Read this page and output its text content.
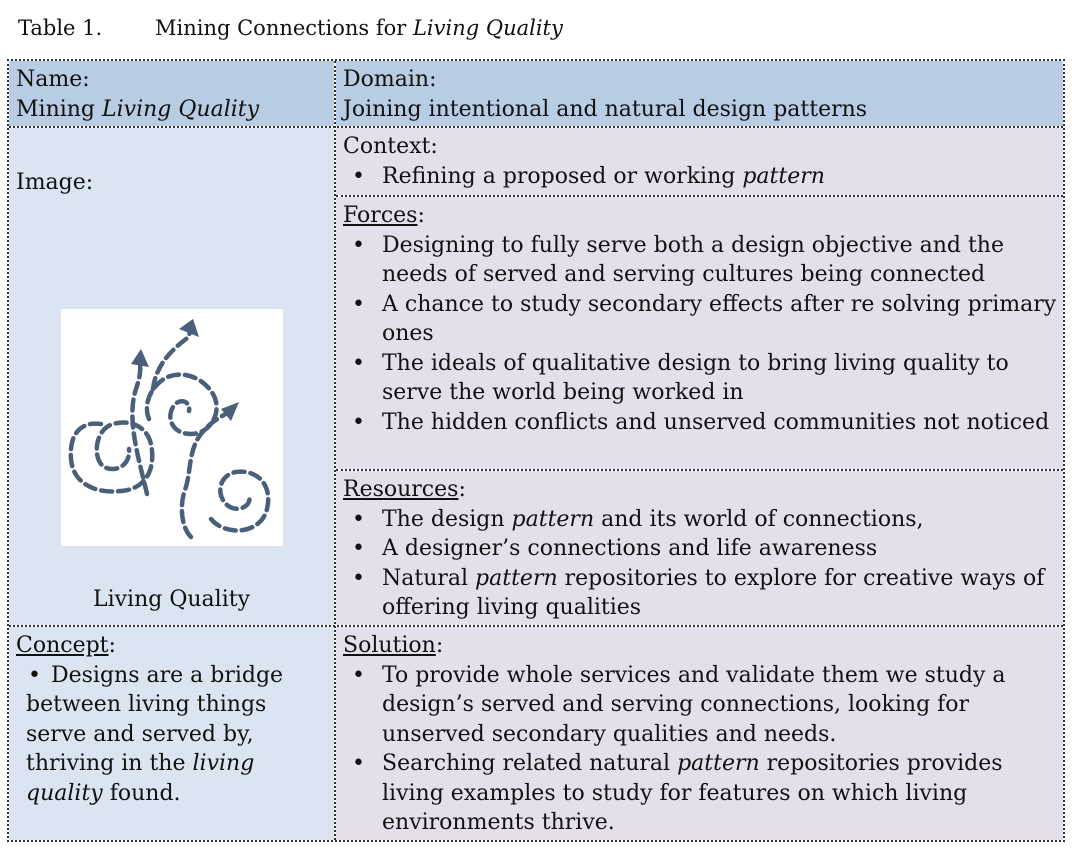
Table 1.	Mining Connections for Living Quality
Name:
Mining Living Quality
Domain:
Joining intentional and natural design patterns
Image:
Living Quality
Context:
• Refining a proposed or working pattern
Forces:
• Designing to fully serve both a design objective and the needs of served and serving cultures being connected
• A chance to study secondary effects after re solving primary ones
• The ideals of qualitative design to bring living quality to serve the world being worked in
• The hidden conflicts and unserved communities not noticed
Resources:
• The design pattern and its world of connections,
• A designer’s connections and life awareness
• Natural pattern repositories to explore for creative ways of offering living qualities
Concept:
• Designs are a bridge between living things serve and served by, thriving in the living quality found.
Solution:
• To provide whole services and validate them we study a design’s served and serving connections, looking for unserved secondary qualities and needs.
• Searching related natural pattern repositories provides living examples to study for features on which living environments thrive.
